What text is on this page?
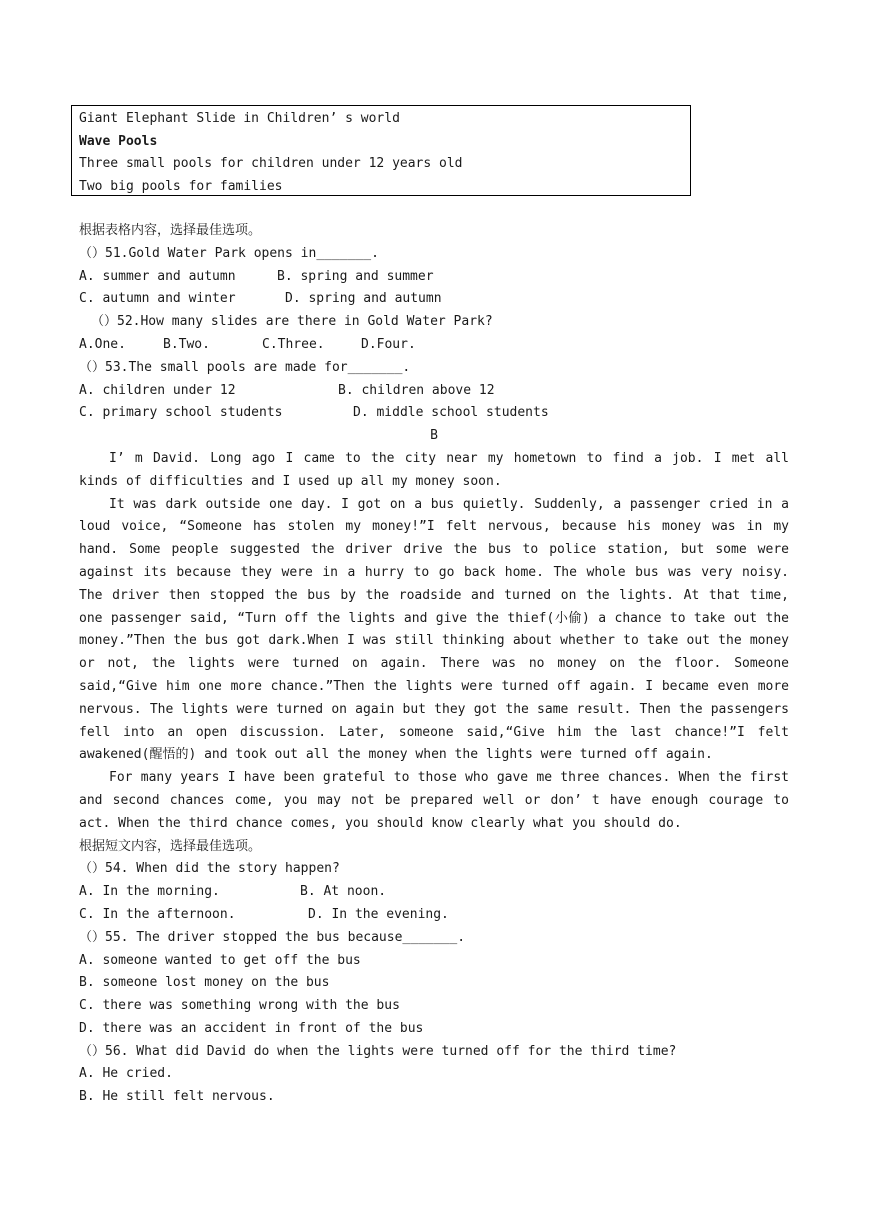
Giant Elephant Slide in Children’ s world
Wave Pools
Three small pools for children under 12 years old
Two big pools for families
根据表格内容，选择最佳选项。
（）51.Gold Water Park opens in_______.
A. summer and autumn	B. spring and summer
C. autumn and winter	D. spring and autumn
（）52.How many slides are there in Gold Water Park?
A.One.	B.Two.	C.Three.	D.Four.
（）53.The small pools are made for_______.
A. children under 12	B. children above 12
C. primary school students	D. middle school students
B

I’ m David. Long ago I came to the city near my hometown to find a job. I met all kinds of difficulties and I used up all my money soon.

It was dark outside one day. I got on a bus quietly. Suddenly, a passenger cried in a loud voice, “Someone has stolen my money!”I felt nervous, because his money was in my hand. Some people suggested the driver drive the bus to police station, but some were against its because they were in a hurry to go back home. The whole bus was very noisy. The driver then stopped the bus by the roadside and turned on the lights. At that time, one passenger said, “Turn off the lights and give the thief(小偷) a chance to take out the money.”Then the bus got dark.When I was still thinking about whether to take out the money or not, the lights were turned on again. There was no money on the floor. Someone said,“Give him one more chance.”Then the lights were turned off again. I became even more nervous. The lights were turned on again but they got the same result. Then the passengers fell into an open discussion. Later, someone said,“Give him the last chance!”I felt awakened(醒悟的) and took out all the money when the lights were turned off again.

For many years I have been grateful to those who gave me three chances. When the first and second chances come, you may not be prepared well or don’ t have enough courage to act. When the third chance comes, you should know clearly what you should do.

根据短文内容，选择最佳选项。
（）54. When did the story happen?
A. In the morning.	B. At noon.
C. In the afternoon.	D. In the evening.
（）55. The driver stopped the bus because_______.
A. someone wanted to get off the bus
B. someone lost money on the bus
C. there was something wrong with the bus
D. there was an accident in front of the bus
（）56. What did David do when the lights were turned off for the third time?
A. He cried.
B. He still felt nervous.
